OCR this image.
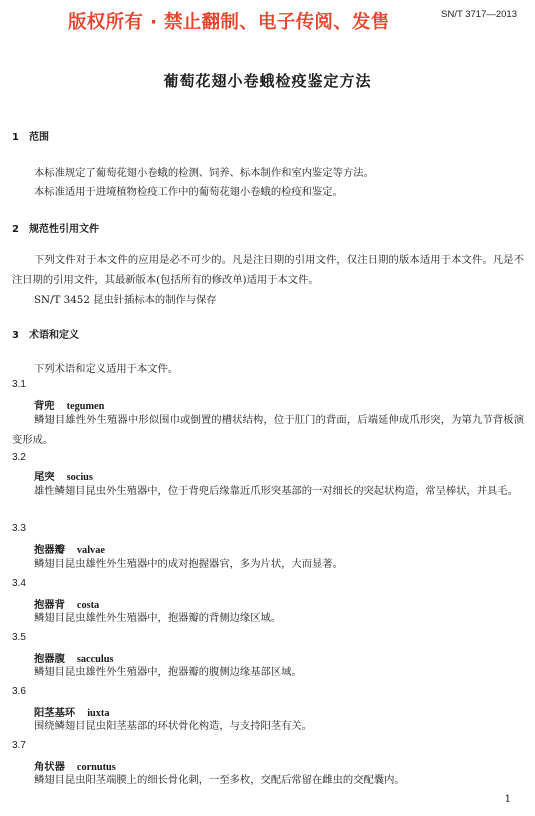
版权所有 · 禁止翻制、电子传阅、发售	SN/T 3717—2013
葡萄花翅小卷蛾检疫鉴定方法
1 范围
本标准规定了葡萄花翅小卷蛾的检测、饲养、标本制作和室内鉴定等方法。
本标准适用于进境植物检疫工作中的葡萄花翅小卷蛾的检疫和鉴定。
2 规范性引用文件

下列文件对于本文件的应用是必不可少的。凡是注日期的引用文件，仅注日期的版本适用于本文件。凡是不注日期的引用文件，其最新版本(包括所有的修改单)适用于本文件。

SN/T 3452 昆虫针插标本的制作与保存
3 术语和定义
下列术语和定义适用于本文件。
3.1
背兜 tegumen

鳞翅目雄性外生殖器中形似围巾或倒置的槽状结构，位于肛门的背面，后端延伸成爪形突，为第九节背板演变形成。

3.2
尾突 socius

雄性鳞翅目昆虫外生殖器中，位于背兜后缘靠近爪形突基部的一对细长的突起状构造，常呈棒状，并具毛。

3.3
抱器瓣 valvae

鳞翅目昆虫雄性外生殖器中的成对抱握器官，多为片状，大而显著。

3.4
抱器背 costa

鳞翅目昆虫雄性外生殖器中，抱器瓣的背侧边缘区域。

3.5
抱器腹 sacculus

鳞翅目昆虫雄性外生殖器中，抱器瓣的腹侧边缘基部区域。

3.6
阳茎基环 iuxta

围绕鳞翅目昆虫阳茎基部的环状骨化构造，与支持阳茎有关。

3.7
角状器 cornutus

鳞翅目昆虫阳茎端膜上的细长骨化刺，一至多枚，交配后常留在雌虫的交配囊内。

1
